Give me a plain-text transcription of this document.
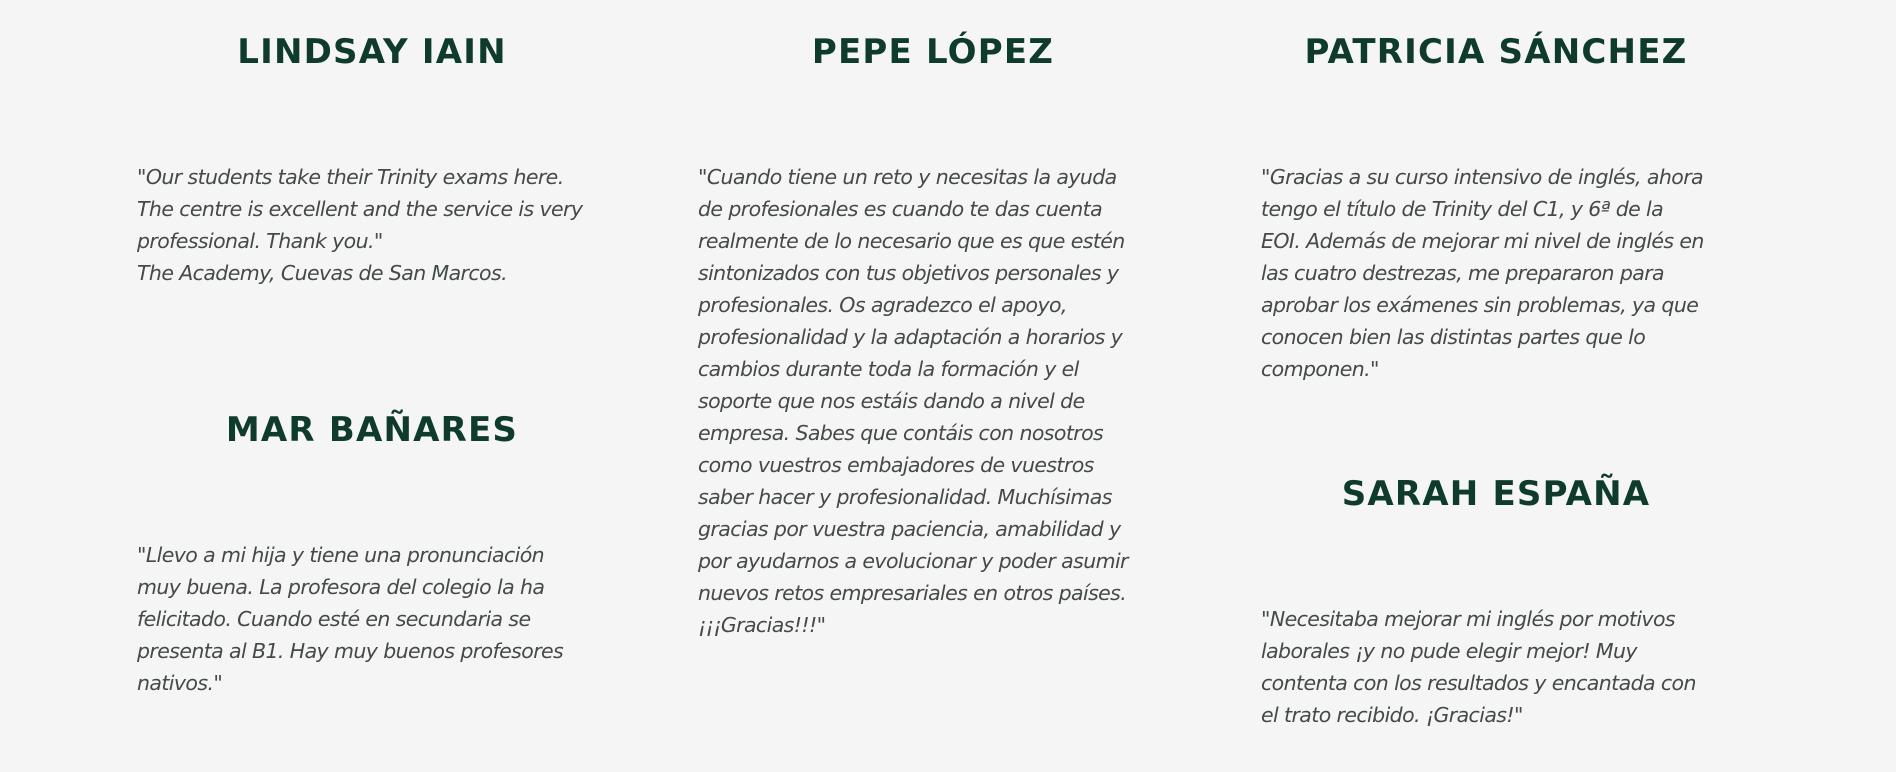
LINDSAY IAIN

"Our students take their Trinity exams here.
The centre is excellent and the service is very
professional. Thank you."
The Academy, Cuevas de San Marcos.

MAR BAÑARES

"Llevo a mi hija y tiene una pronunciación
muy buena. La profesora del colegio la ha
felicitado. Cuando esté en secundaria se
presenta al B1. Hay muy buenos profesores
nativos."

PEPE LÓPEZ

"Cuando tiene un reto y necesitas la ayuda
de profesionales es cuando te das cuenta
realmente de lo necesario que es que estén
sintonizados con tus objetivos personales y
profesionales. Os agradezco el apoyo,
profesionalidad y la adaptación a horarios y
cambios durante toda la formación y el
soporte que nos estáis dando a nivel de
empresa. Sabes que contáis con nosotros
como vuestros embajadores de vuestros
saber hacer y profesionalidad. Muchísimas
gracias por vuestra paciencia, amabilidad y
por ayudarnos a evolucionar y poder asumir
nuevos retos empresariales en otros países.
¡¡¡Gracias!!!"

PATRICIA SÁNCHEZ

"Gracias a su curso intensivo de inglés, ahora
tengo el título de Trinity del C1, y 6ª de la
EOI. Además de mejorar mi nivel de inglés en
las cuatro destrezas, me prepararon para
aprobar los exámenes sin problemas, ya que
conocen bien las distintas partes que lo
componen."

SARAH ESPAÑA

"Necesitaba mejorar mi inglés por motivos
laborales ¡y no pude elegir mejor! Muy
contenta con los resultados y encantada con
el trato recibido. ¡Gracias!"
